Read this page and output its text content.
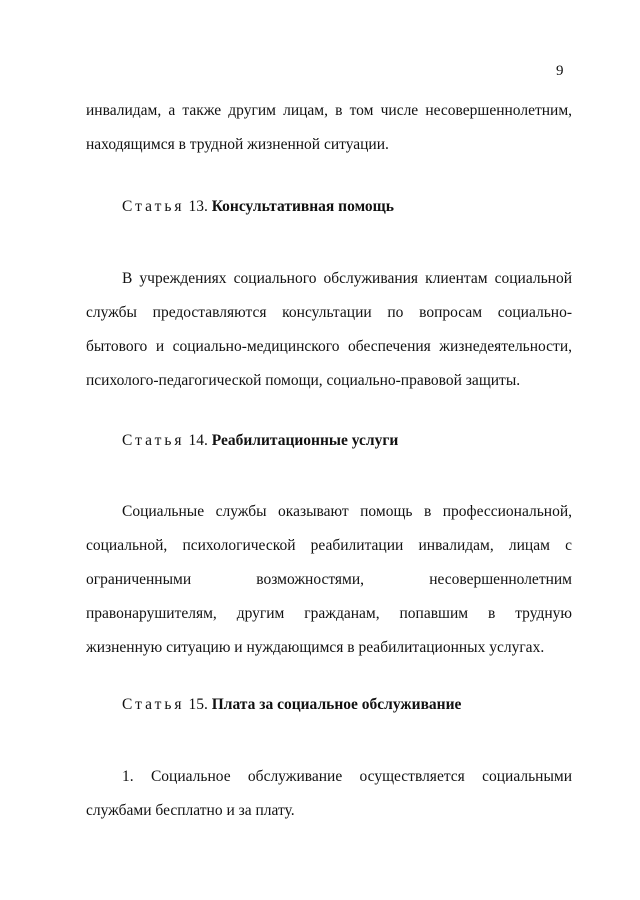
9
инвалидам, а также другим лицам, в том числе несовершеннолетним,
находящимся в трудной жизненной ситуации.
Статья 13. Консультативная помощь
В учреждениях социального обслуживания клиентам социальной
службы предоставляются консультации по вопросам социально-
бытового и социально-медицинского обеспечения жизнедеятельности,
психолого-педагогической помощи, социально-правовой защиты.
Статья 14. Реабилитационные услуги
Социальные службы оказывают помощь в профессиональной,
социальной, психологической реабилитации инвалидам, лицам с
ограниченными возможностями, несовершеннолетним
правонарушителям, другим гражданам, попавшим в трудную
жизненную ситуацию и нуждающимся в реабилитационных услугах.
Статья 15. Плата за социальное обслуживание
1. Социальное обслуживание осуществляется социальными
службами бесплатно и за плату.
